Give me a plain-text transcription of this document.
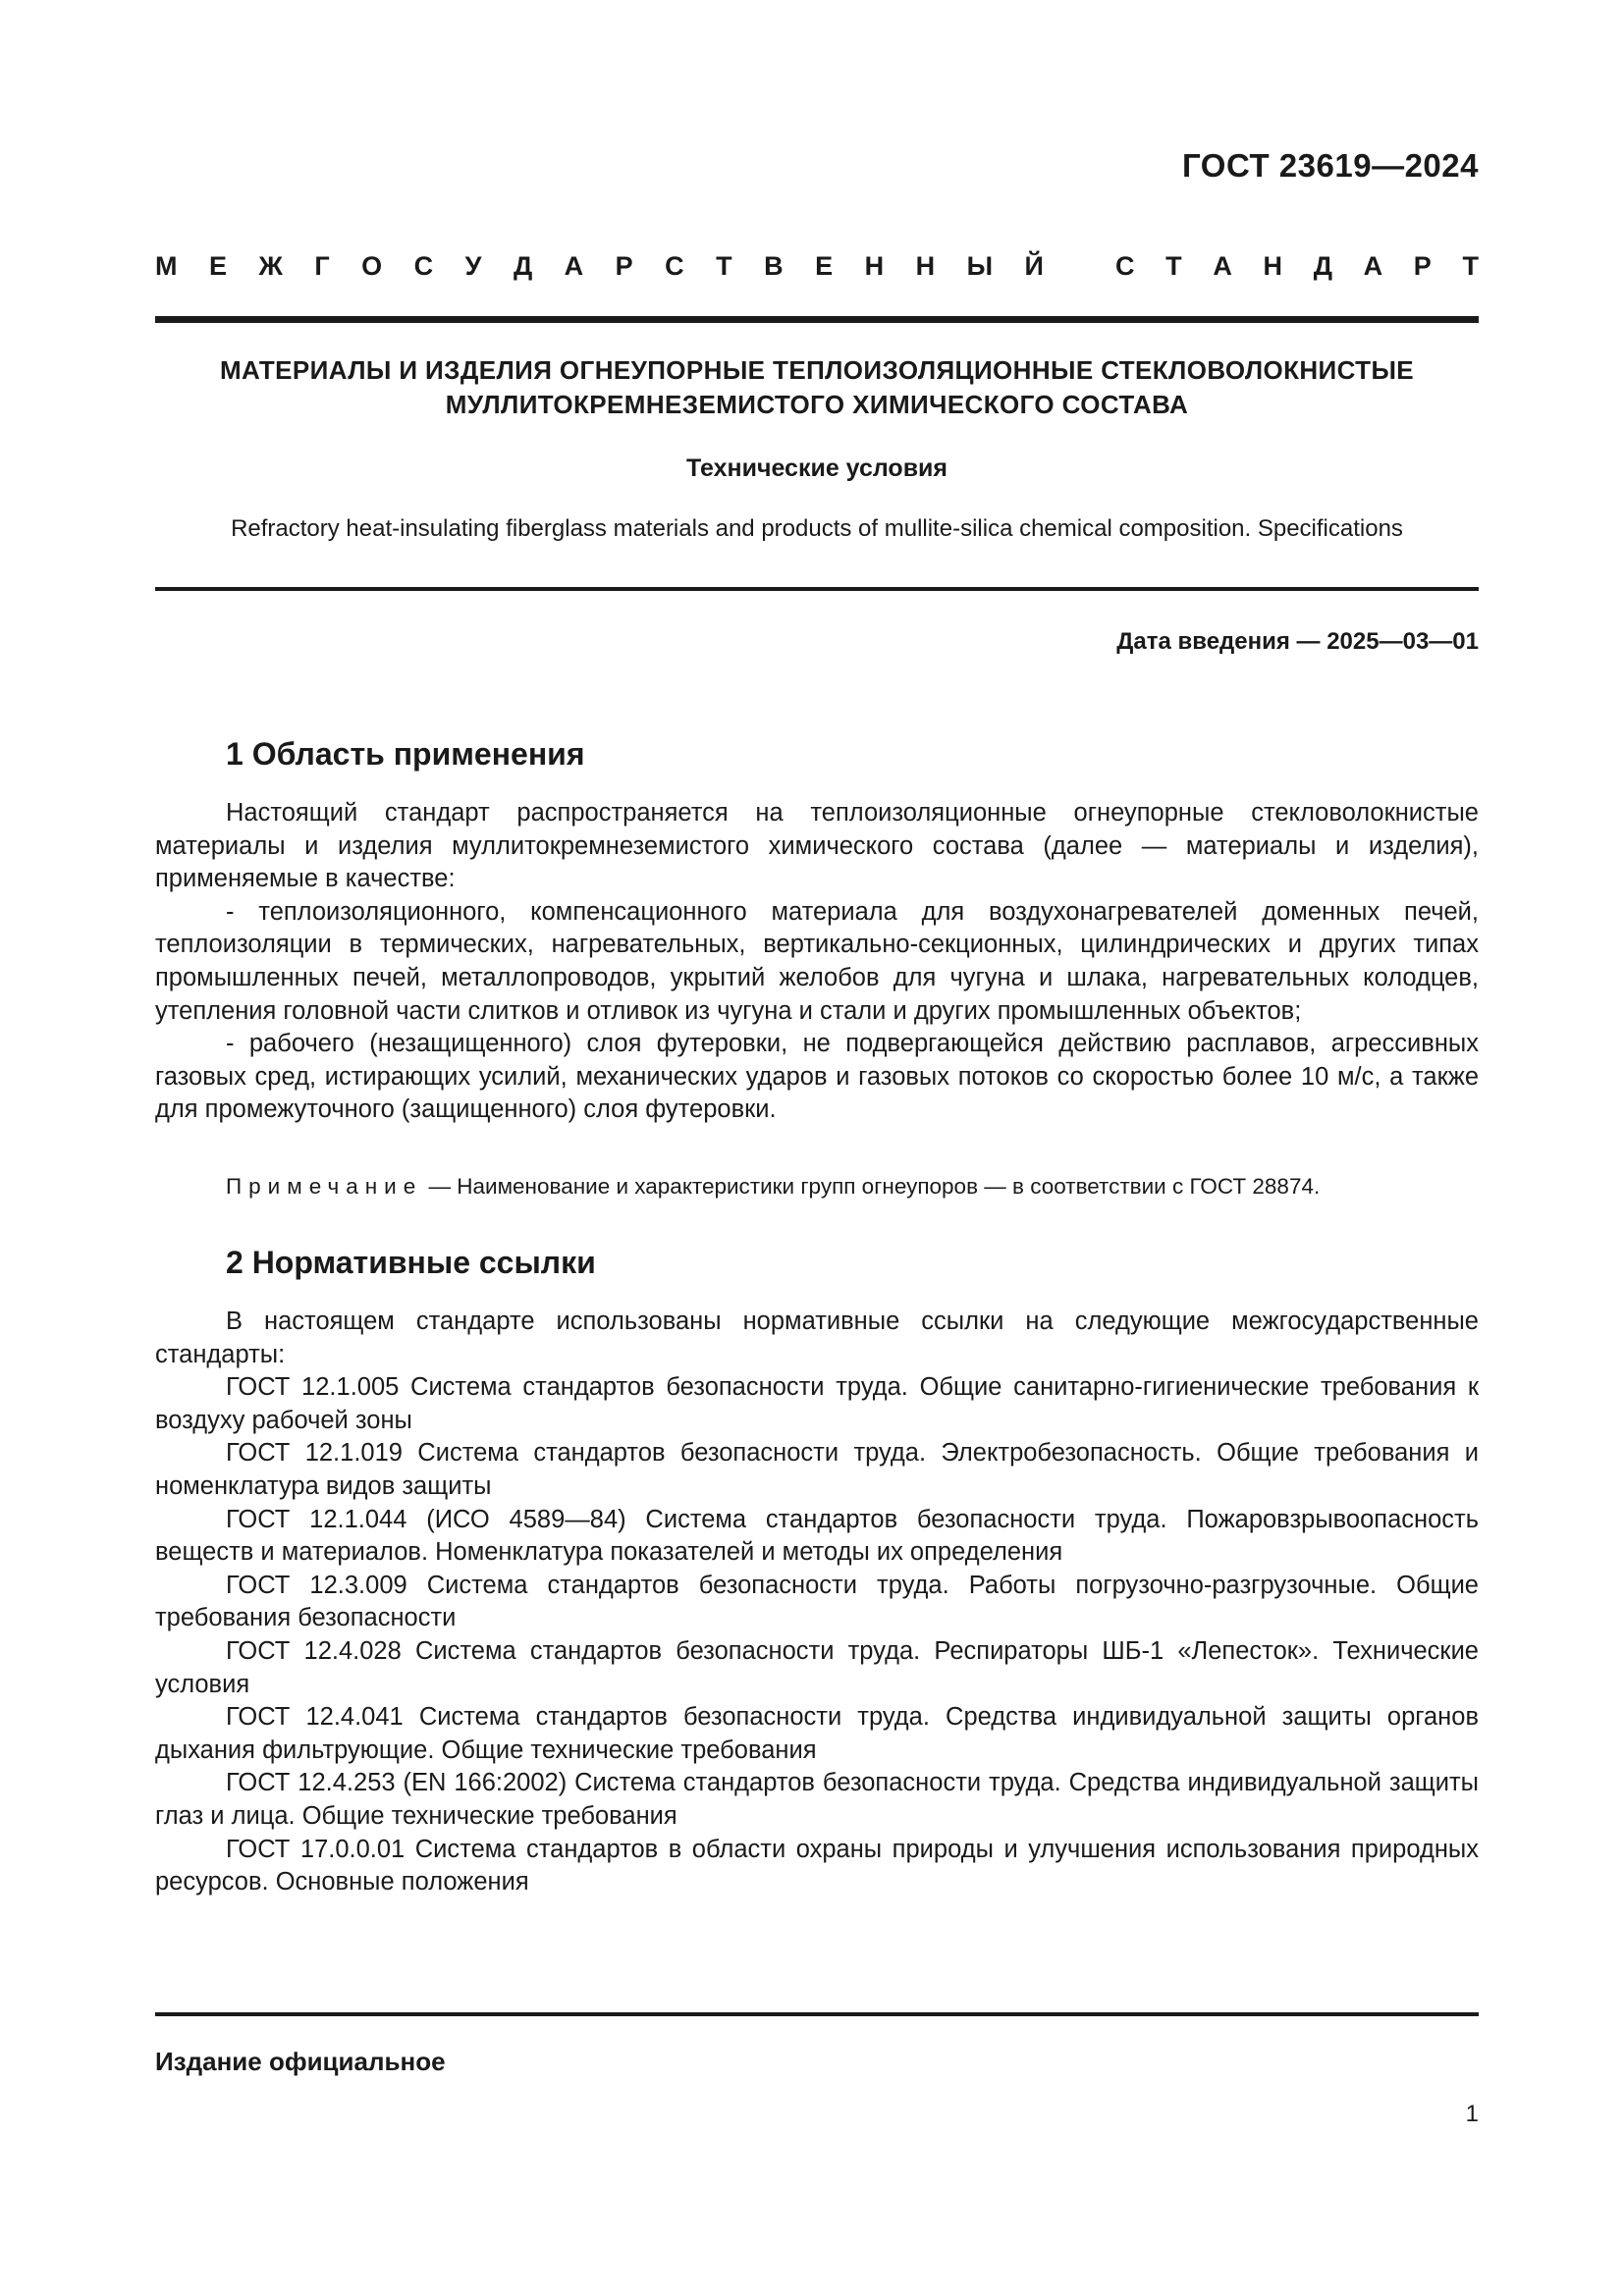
ГОСТ 23619—2024
М Е Ж Г О С У Д А Р С Т В Е Н Н Ы Й	С Т А Н Д А Р Т
МАТЕРИАЛЫ И ИЗДЕЛИЯ ОГНЕУПОРНЫЕ ТЕПЛОИЗОЛЯЦИОННЫЕ СТЕКЛОВОЛОКНИСТЫЕ
МУЛЛИТОКРЕМНЕЗЕМИСТОГО ХИМИЧЕСКОГО СОСТАВА
Технические условия
Refractory heat-insulating fiberglass materials and products of mullite-silica chemical composition. Specifications
Дата введения — 2025—03—01
1 Область применения

Настоящий стандарт распространяется на теплоизоляционные огнеупорные стекловолокнистые материалы и изделия муллитокремнеземистого химического состава (далее — материалы и изделия), применяемые в качестве:

- теплоизоляционного, компенсационного материала для воздухонагревателей доменных печей, теплоизоляции в термических, нагревательных, вертикально-секционных, цилиндрических и других типах промышленных печей, металлопроводов, укрытий желобов для чугуна и шлака, нагревательных колодцев, утепления головной части слитков и отливок из чугуна и стали и других промышленных объектов;

- рабочего (незащищенного) слоя футеровки, не подвергающейся действию расплавов, агрессивных газовых сред, истирающих усилий, механических ударов и газовых потоков со скоростью более 10 м/с, а также для промежуточного (защищенного) слоя футеровки.

Примечание — Наименование и характеристики групп огнеупоров — в соответствии с ГОСТ 28874.
2 Нормативные ссылки

В настоящем стандарте использованы нормативные ссылки на следующие межгосударственные стандарты:

ГОСТ 12.1.005 Система стандартов безопасности труда. Общие санитарно-гигиенические требования к воздуху рабочей зоны

ГОСТ 12.1.019 Система стандартов безопасности труда. Электробезопасность. Общие требования и номенклатура видов защиты

ГОСТ 12.1.044 (ИСО 4589—84) Система стандартов безопасности труда. Пожаровзрывоопасность веществ и материалов. Номенклатура показателей и методы их определения

ГОСТ 12.3.009 Система стандартов безопасности труда. Работы погрузочно-разгрузочные. Общие требования безопасности

ГОСТ 12.4.028 Система стандартов безопасности труда. Респираторы ШБ-1 «Лепесток». Технические условия

ГОСТ 12.4.041 Система стандартов безопасности труда. Средства индивидуальной защиты органов дыхания фильтрующие. Общие технические требования

ГОСТ 12.4.253 (EN 166:2002) Система стандартов безопасности труда. Средства индивидуальной защиты глаз и лица. Общие технические требования

ГОСТ 17.0.0.01 Система стандартов в области охраны природы и улучшения использования природных ресурсов. Основные положения

Издание официальное
1
